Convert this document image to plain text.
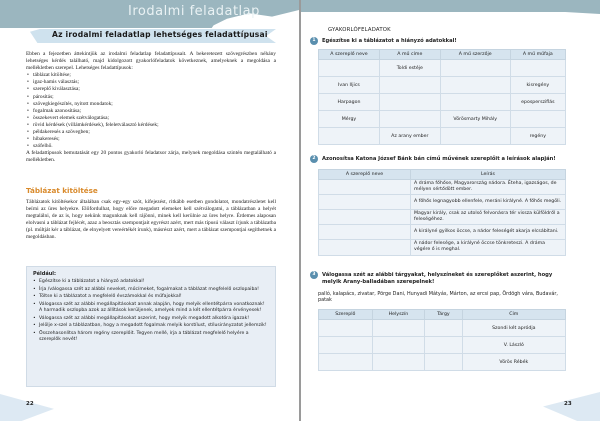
Irodalmi feladatlap
Az irodalmi feladatlap lehetséges feladattípusai

Ebben a fejezetben áttekintjük az irodalmi feladatlap feladattípusait. A bekeretezett szövegrészben néhány lehetséges kérdés található, majd kidolgozott gyakorlófeladatok következnek, amelyeknek a megoldása a mellékletben szerepel. Lehetséges feladattípusok:

• táblázat kitöltése;
• igaz-hamis választás;
• szereplő kiválasztása;
• párosítás;
• szövegkiegészítés, nyitott mondatok;
• fogalmak azonosítása;
• összekevert elemek szétválogatása;
• rövid kérdések (villámkérdések), feleletválasztó kérdések;
• példakeresés a szövegben;
• hibakeresés;
• szófelhő.

A feladattípusok bemutatását egy 20 pontos gyakorló feladatsor zárja, melynek megoldása szintén megtalálható a mellékletben.

Táblázat kitöltése
Táblázatok kitöltésekor általában csak egy-egy szót, kifejezést, ritkább esetben gondolatot, mondatrészletet kell beírni az üres helyekre. Előfordulhat, hogy előre megadott elemeket kell szétválogatni, a táblázatban a helyét megtalálni, de az is, hogy nekünk magunknak kell rájönni, minek kell kerülnie az üres helyre. Érdemes alaposan elolvasni a táblázat fejlécét, azaz a beosztás szempontjait egyrészt azért, mert más típusú választ írjunk a táblázatba (pl. múltját kér a táblázat, de elnyelyett vereértékét írunk), másrészt azért, mert a táblázat szempontjai segíthetnek a megoldásban.
Például:
• Egészítse ki a táblázatot a hiányzó adatokkal!
• Írja /válogassa szét az alábbi neveket, műcímeket, fogalmakat a táblázat megfelelő oszlopaiba!
• Töltse ki a táblázatot a megfelelő évszámokkal és műfajokkal!
• Válogassa szét az alábbi megállapításokat annak alapján, hogy melyik ellentétpárra vonatkoznak! A harmadik oszlopba azok az állítások kerüljenek, amelyek mind a két ellentétpárra érvényesek!
• Válogassa szét az alábbi megállapításokat aszerint, hogy melyik megadott alkotóra igazak!
• Jelölje x-szel a táblázatban, hogy a megadott fogalmak melyik korstílust, stílusirányzatot jellemzik!
• Összehasonlítsa három regény szereplőit. Tegyen mellé, írja a táblázat megfelelő helyére a szereplők nevét!
22
GYAKORLÓFELADATOK
1	Egészítse ki a táblázatot a hiányzó adatokkal!
A szereplő neve	A mű címe	A mű szerzője	A mű műfaja
	Toldi estéje		
Ivan Iljics			kisregény
Harpagon			epospersziflás
Mérgy		Vörösmarty Mihály	
	Az arany ember		regény
2	Azonosítsa Katona József Bánk bán című művének szereplőit a leírások alapján!
A szereplő neve	Leírás
	A dráma főhőse, Magyarország nádora. Éteha, igazságos, de mélyen sértődött ember.
	A főhős legnagyobb ellenfele, meráni királyné. A főhős megöli.
	Magyar király, csak az utolsó felvonásra tér vissza külföldről a feleségéhez.
	A királyné gyilkos öccse, a nádor feleségét akarja elcsábítani.
	A nádor felesége, a királyné öccse tönkreteszi. A dráma végére ő is meghal.
3	Válogassa szét az alábbi tárgyakat, helyszíneket és szereplőket aszerint, hogy melyik Arany-balladában szerepelnek!
palló, kalapács, zivatar, Pörge Dani, Hunyadi Mátyás, Márton, az ercsi pap, Ördögh vára, Budavár, patak
Szereplő	Helyszín	Tárgy	Cím
			Szondi két apródja
			V. László
			Vörös Rébék
23
